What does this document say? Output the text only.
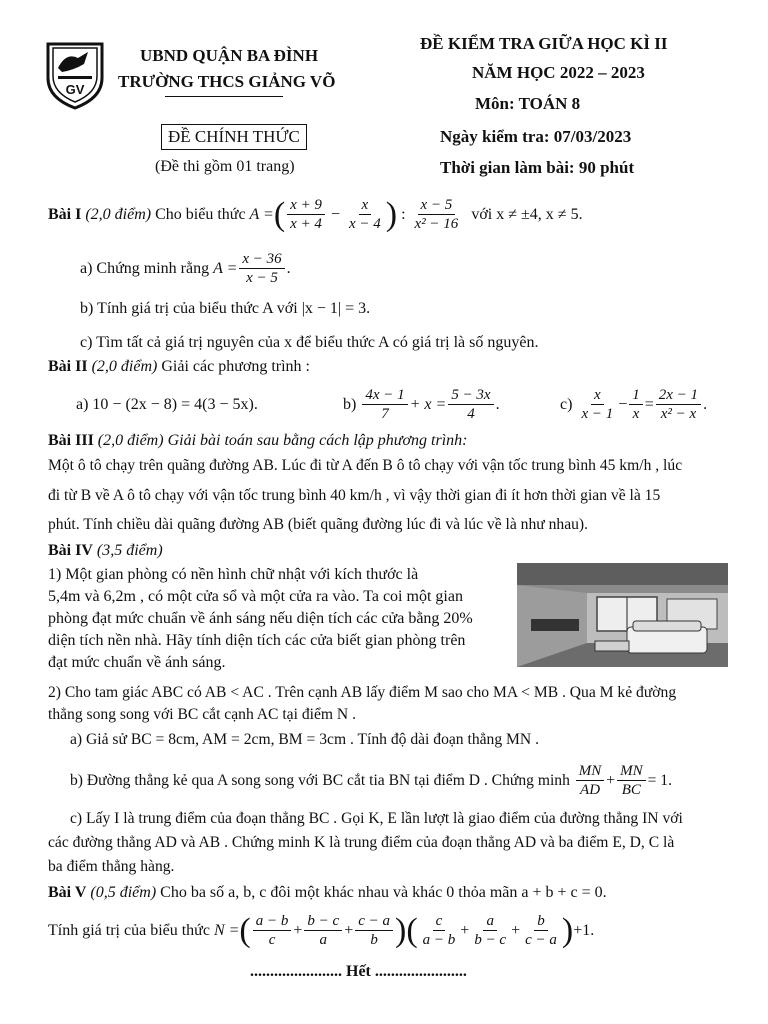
GV
UBND QUẬN BA ĐÌNH
TRƯỜNG THCS GIẢNG VÕ
ĐỀ CHÍNH THỨC
(Đề thi gồm 01 trang)
ĐỀ KIỂM TRA GIỮA HỌC KÌ II
NĂM HỌC 2022 – 2023
Môn: TOÁN 8
Ngày kiểm tra: 07/03/2023
Thời gian làm bài: 90 phút
Bài I
(2,0 điểm)
Cho biểu thức
A = ( $\frac{x + 9}{x + 4} - \frac{x}{x - 4}$ ) : $\frac{x - 5}{\text{x² − 16}}$
với x ≠ ±4, x ≠ 5.
a) Chứng minh rằng
$A = \frac{x - 36}{x - 5}$ .
b) Tính giá trị của biểu thức A với |x − 1| = 3.
c) Tìm tất cả giá trị nguyên của x để biểu thức A có giá trị là số nguyên.
Bài II (2,0 điểm) Giải các phương trình :
a) 10 − (2x − 8) = 4(3 − 5x).	b)
$\frac{4x - 1}{7} + x = \frac{5 - 3x}{4}$ .	c)
$\frac{x}{x - 1} - \frac{1}{x} = \frac{2x - 1}{\text{x² − x}}$ .
Bài III (2,0 điểm) Giải bài toán sau bằng cách lập phương trình:
Một ô tô chạy trên quãng đường AB. Lúc đi từ A đến B ô tô chạy với vận tốc trung bình 45 km/h , lúc
đi từ B về A ô tô chạy với vận tốc trung bình 40 km/h , vì vậy thời gian đi ít hơn thời gian về là 15
phút. Tính chiều dài quãng đường AB (biết quãng đường lúc đi và lúc về là như nhau).
Bài IV (3,5 điểm)
1) Một gian phòng có nền hình chữ nhật với kích thước là
5,4m và 6,2m , có một cửa sổ và một cửa ra vào. Ta coi một gian
phòng đạt mức chuẩn về ánh sáng nếu diện tích các cửa bằng 20%
diện tích nền nhà. Hãy tính diện tích các cửa biết gian phòng trên
đạt mức chuẩn về ánh sáng.
2) Cho tam giác ABC có AB < AC . Trên cạnh AB lấy điểm M sao cho MA < MB . Qua M kẻ đường
thẳng song song với BC cắt cạnh AC tại điểm N .
a) Giả sử BC = 8cm, AM = 2cm, BM = 3cm . Tính độ dài đoạn thẳng MN .
b) Đường thẳng kẻ qua A song song với BC cắt tia BN tại điểm D . Chứng minh
$\frac{MN}{AD} + \frac{MN}{BC} = 1$.
c) Lấy I là trung điểm của đoạn thẳng BC . Gọi K, E lần lượt là giao điểm của đường thẳng IN với
các đường thẳng AD và AB . Chứng minh K là trung điểm của đoạn thẳng AD và ba điểm E, D, C là
ba điểm thẳng hàng.
Bài V (0,5 điểm) Cho ba số a, b, c đôi một khác nhau và khác 0 thỏa mãn a + b + c = 0.
Tính giá trị của biểu thức
N = ( $\frac{a - b}{c} + \frac{b - c}{a} + \frac{c - a}{b}$ )( $\frac{c}{a - b} + \frac{a}{b - c} + \frac{b}{c - a}$ ) +1.
....................... Hết .......................
